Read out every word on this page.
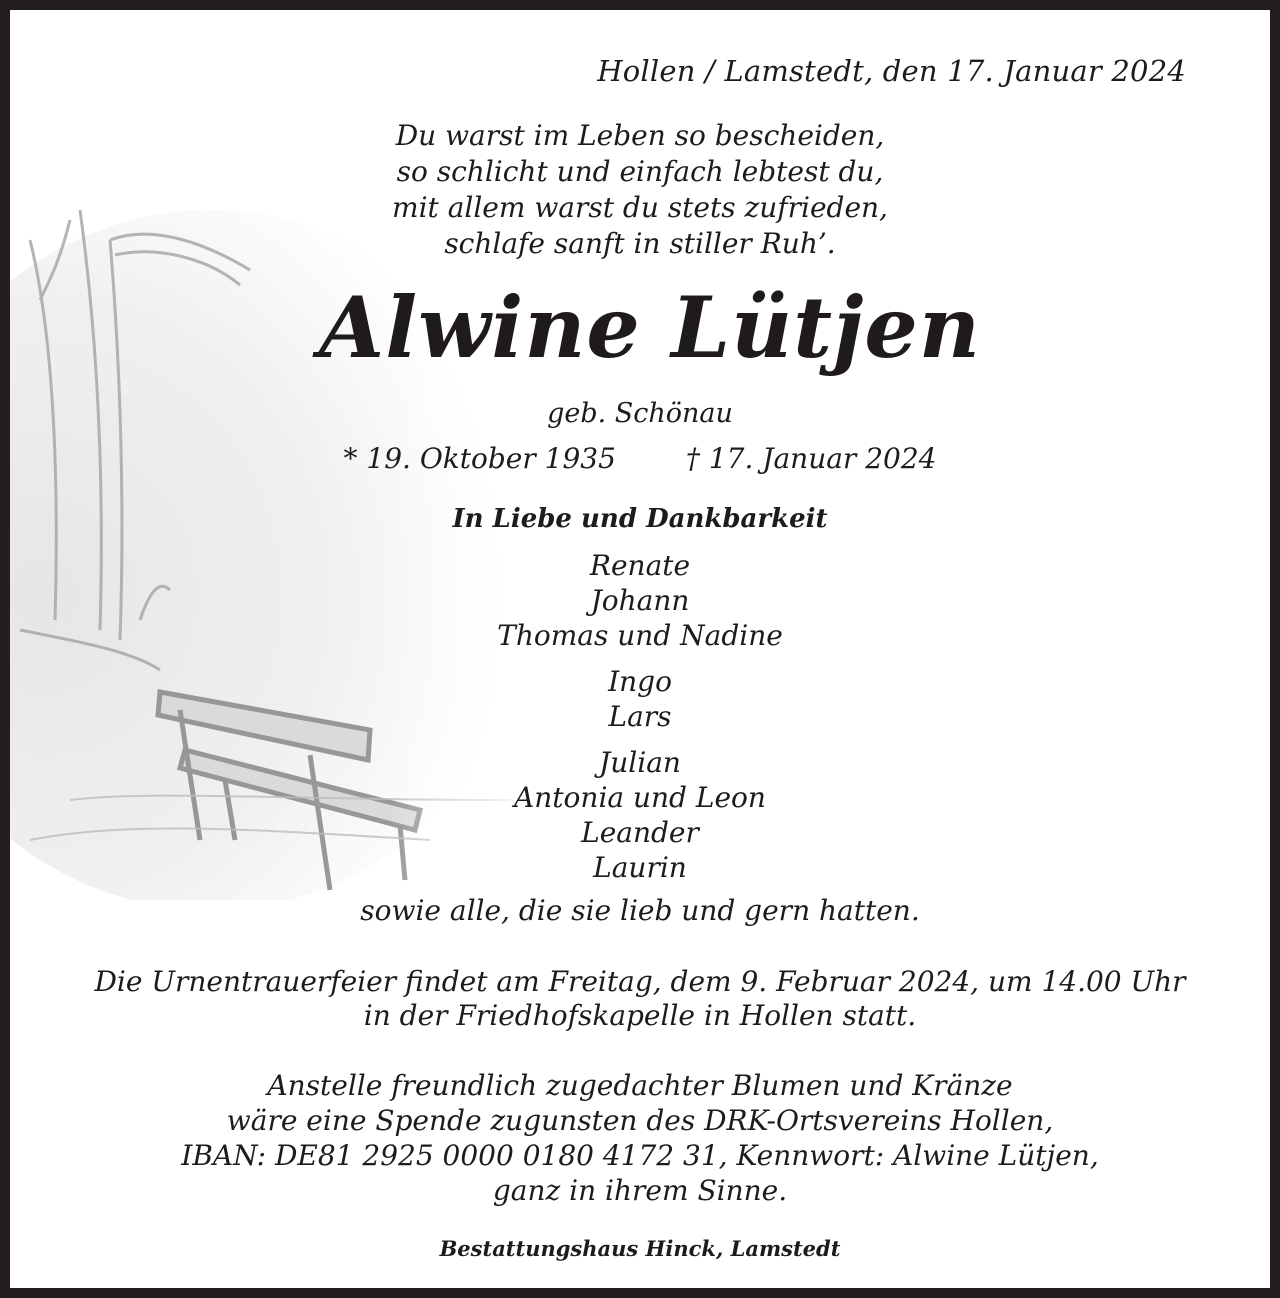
Hollen / Lamstedt, den 17. Januar 2024
Du warst im Leben so bescheiden,
so schlicht und einfach lebtest du,
mit allem warst du stets zufrieden,
schlafe sanft in stiller Ruh’.
Alwine Lütjen
geb. Schönau
* 19. Oktober 1935	† 17. Januar 2024
In Liebe und Dankbarkeit
Renate
Johann
Thomas und Nadine
Ingo
Lars
Julian
Antonia und Leon
Leander
Laurin
sowie alle, die sie lieb und gern hatten.
Die Urnentrauerfeier findet am Freitag, dem 9. Februar 2024, um 14.00 Uhr
in der Friedhofskapelle in Hollen statt.
Anstelle freundlich zugedachter Blumen und Kränze
wäre eine Spende zugunsten des DRK-Ortsvereins Hollen,
IBAN: DE81 2925 0000 0180 4172 31, Kennwort: Alwine Lütjen,
ganz in ihrem Sinne.
Bestattungshaus Hinck, Lamstedt
